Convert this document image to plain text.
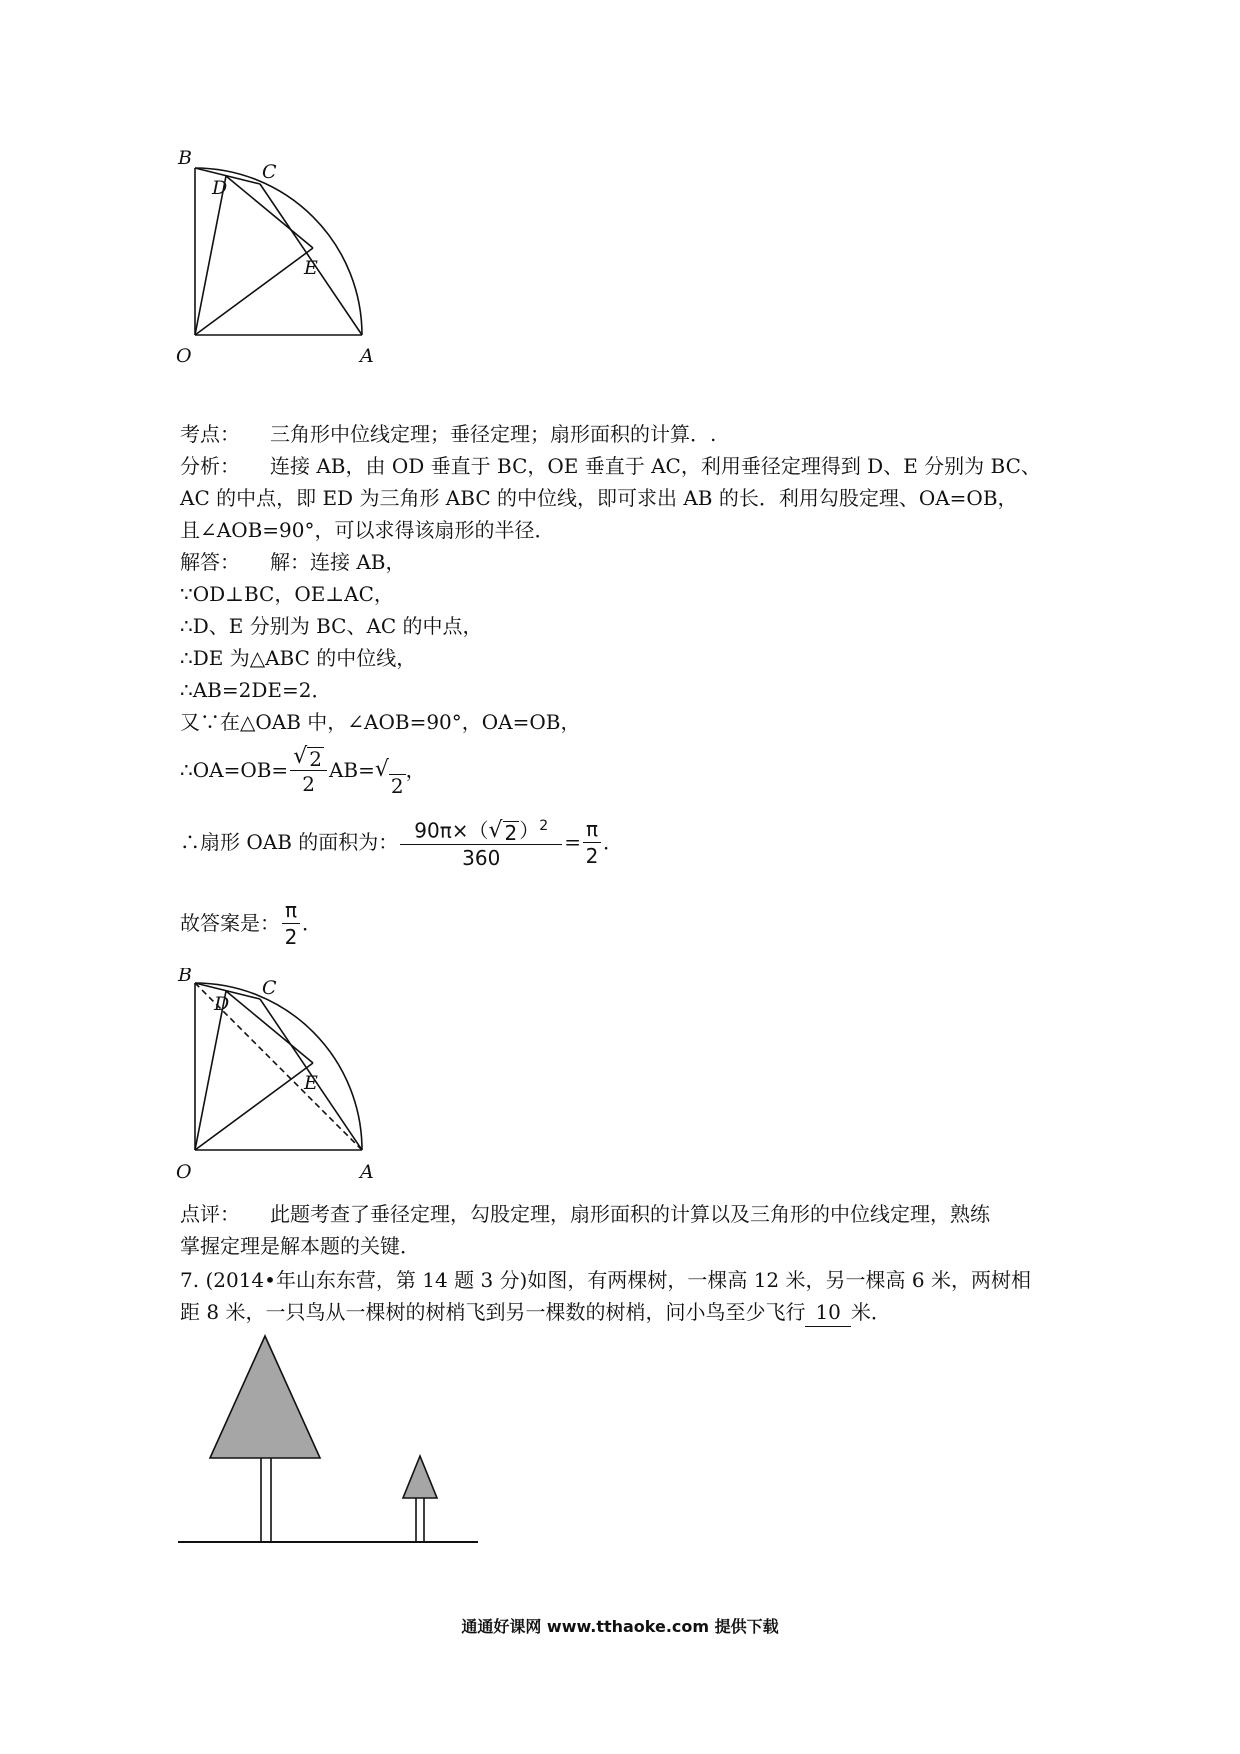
B
C
D
E
O	A
考点： 三角形中位线定理；垂径定理；扇形面积的计算．.
分析： 连接 AB，由 OD 垂直于 BC，OE 垂直于 AC，利用垂径定理得到 D、E 分别为 BC、
AC 的中点，即 ED 为三角形 ABC 的中位线，即可求出 AB 的长．利用勾股定理、OA=OB，
且∠AOB=90°，可以求得该扇形的半径．
解答： 解：连接 AB，
∵OD⊥BC，OE⊥AC，
∴D、E 分别为 BC、AC 的中点，
∴DE 为△ABC 的中位线，
∴AB=2DE=2．
又∵在△OAB 中，∠AOB=90°，OA=OB，
∴OA=OB= $\frac{√ 2}{2} AB=$ √
2
，
∴扇形 OAB 的面积为： $\frac{90\pi\times( √ 2 )^2}{360} = \frac{\pi}{2}$ ．
故答案是： $\frac{\pi}{2}$ ．
B
C
D
E
O	A
点评： 此题考查了垂径定理，勾股定理，扇形面积的计算以及三角形的中位线定理，熟练
掌握定理是解本题的关键．
7. (2014•年山东东营，第 14 题 3 分)如图，有两棵树，一棵高 12 米，另一棵高 6 米，两树相
距 8 米，一只鸟从一棵树的树梢飞到另一棵数的树梢，问小鸟至少飞行 10 米．
通通好课网 www.tthaoke.com 提供下载
